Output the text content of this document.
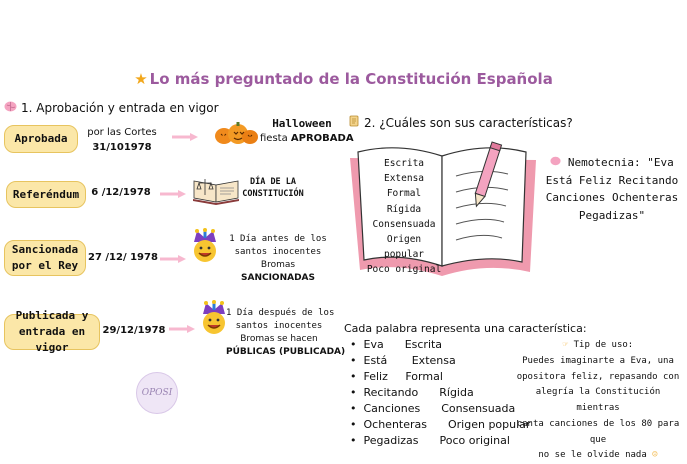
★ Lo más preguntado de la Constitución Española
1. Aprobación y entrada en vigor
Aprobada	por las Cortes
31/101978
Halloween
fiesta APROBADA
Referéndum	6 /12/1978
DÍA DE LA
CONSTITUCIÓN
Sancionada
por el Rey
27 /12/ 1978
1 Día antes de los
santos inocentes
Bromas
SANCIONADAS
Publicada y
entrada en vigor
29/12/1978
1 Día después de los
santos inocentes
Bromas se hacen
PÚBLICAS (PUBLICADA)
OPOSI
2. ¿Cuáles son sus características?
Escrita
Extensa
Formal
Rígida
Consensuada
Origen popular
Poco original
Nemotecnia: "Eva
Está Feliz Recitando
Canciones Ochenteras
Pegadizas"
Cada palabra representa una característica:
• Eva Escrita
• Está Extensa
• Feliz Formal
• Recitando Rígida
• Canciones Consensuada
• Ochenteras Origen popular
• Pegadizas Poco original
☞ Tip de uso:
Puedes imaginarte a Eva, una
opositora feliz, repasando con
alegría la Constitución mientras
canta canciones de los 80 para que
no se le olvide nada ☺
